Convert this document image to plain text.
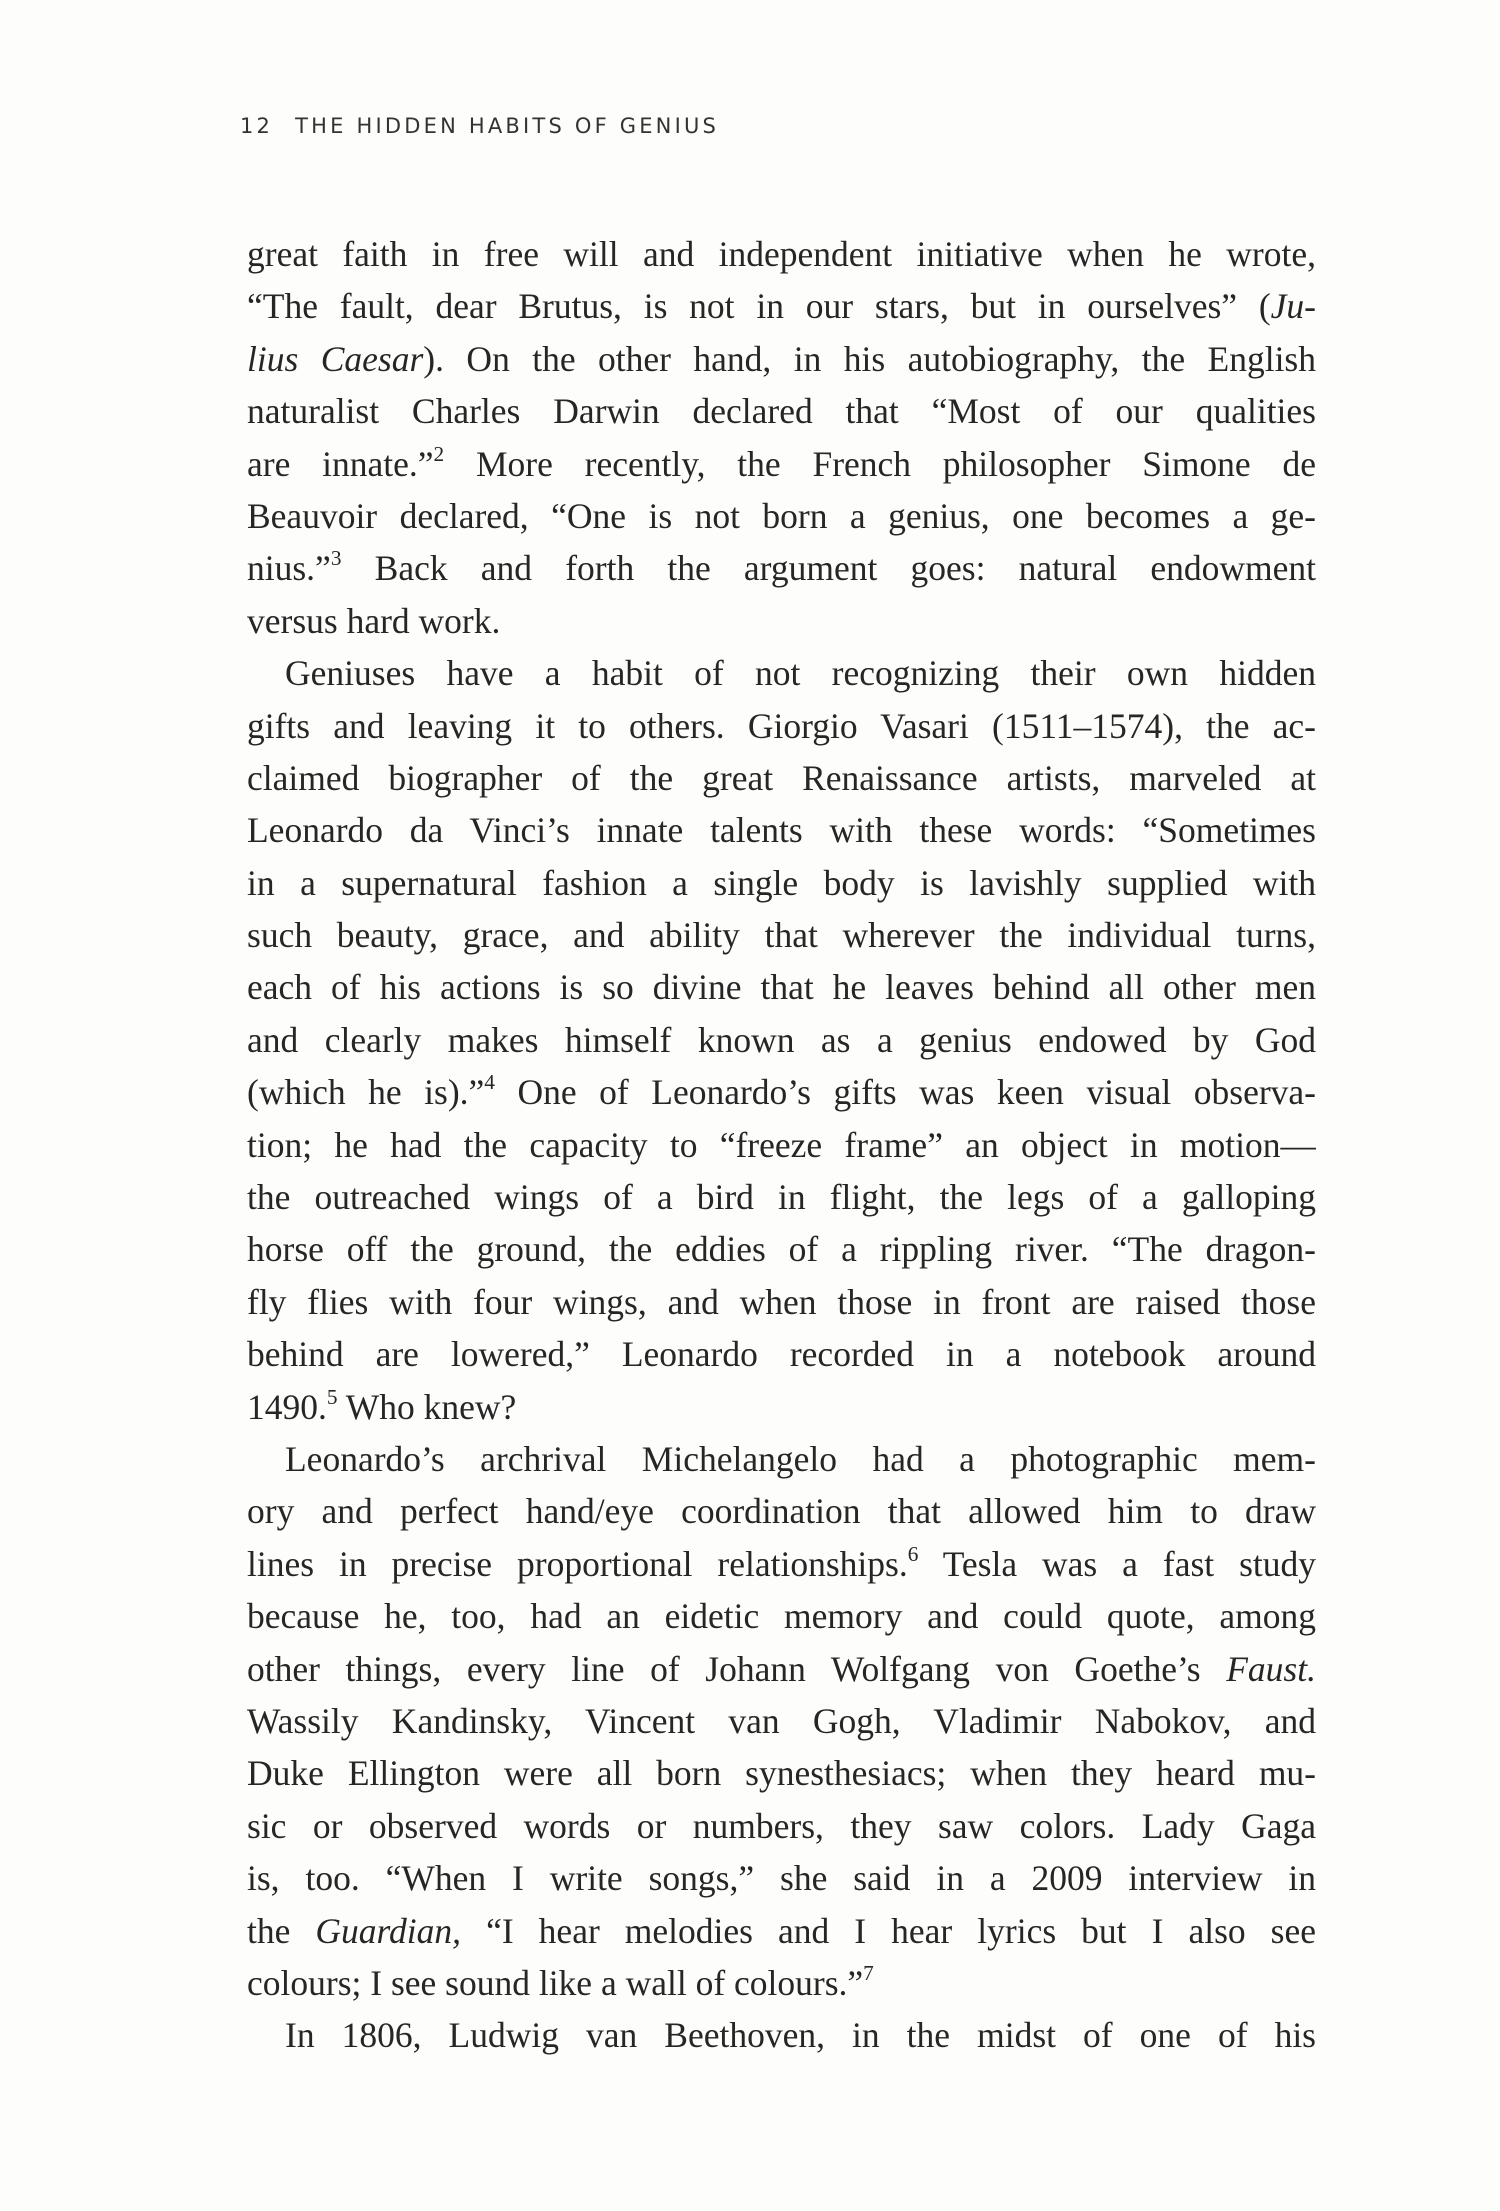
12 THE HIDDEN HABITS OF GENIUS
great faith in free will and independent initiative when he wrote,
“The fault, dear Brutus, is not in our stars, but in ourselves” (Ju-
lius Caesar). On the other hand, in his autobiography, the English
naturalist Charles Darwin declared that “Most of our qualities
are innate.”$^2$ More recently, the French philosopher Simone de
Beauvoir declared, “One is not born a genius, one becomes a ge-
nius.”$^3$ Back and forth the argument goes: natural endowment
versus hard work.
Geniuses have a habit of not recognizing their own hidden
gifts and leaving it to others. Giorgio Vasari (1511–1574), the ac-
claimed biographer of the great Renaissance artists, marveled at
Leonardo da Vinci’s innate talents with these words: “Sometimes
in a supernatural fashion a single body is lavishly supplied with
such beauty, grace, and ability that wherever the individual turns,
each of his actions is so divine that he leaves behind all other men
and clearly makes himself known as a genius endowed by God
(which he is).”$^4$ One of Leonardo’s gifts was keen visual observa-
tion; he had the capacity to “freeze frame” an object in motion—
the outreached wings of a bird in flight, the legs of a galloping
horse off the ground, the eddies of a rippling river. “The dragon-
fly flies with four wings, and when those in front are raised those
behind are lowered,” Leonardo recorded in a notebook around
1490.$^5$ Who knew?
Leonardo’s archrival Michelangelo had a photographic mem-
ory and perfect hand/eye coordination that allowed him to draw
lines in precise proportional relationships.$^6$ Tesla was a fast study
because he, too, had an eidetic memory and could quote, among
other things, every line of Johann Wolfgang von Goethe’s Faust.
Wassily Kandinsky, Vincent van Gogh, Vladimir Nabokov, and
Duke Ellington were all born synesthesiacs; when they heard mu-
sic or observed words or numbers, they saw colors. Lady Gaga
is, too. “When I write songs,” she said in a 2009 interview in
the Guardian, “I hear melodies and I hear lyrics but I also see
colours; I see sound like a wall of colours.”$^7$
In 1806, Ludwig van Beethoven, in the midst of one of his
